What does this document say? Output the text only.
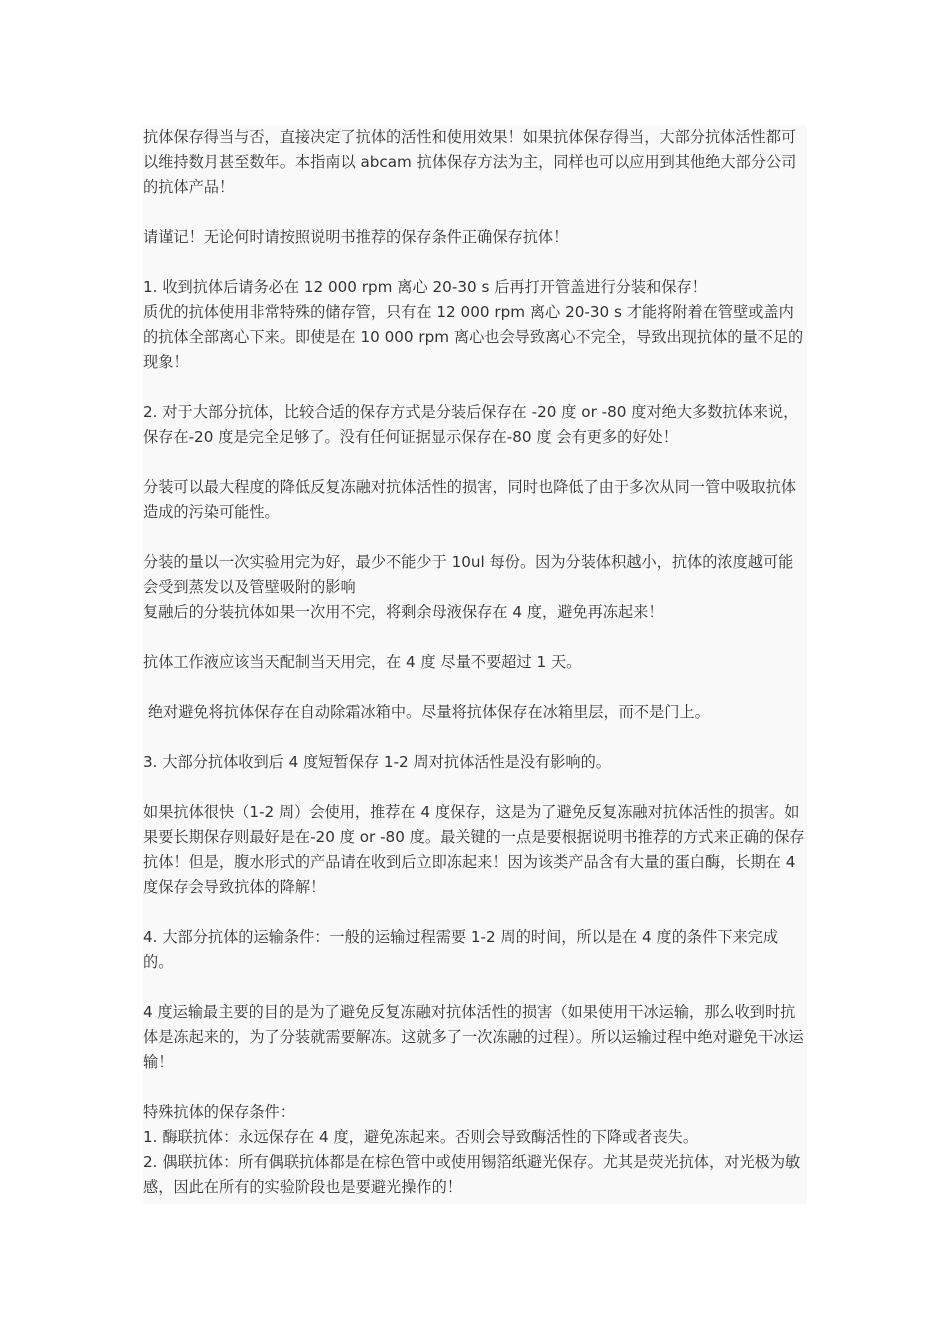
抗体保存得当与否，直接决定了抗体的活性和使用效果！如果抗体保存得当，大部分抗体活性都可以维持数月甚至数年。本指南以 abcam 抗体保存方法为主，同样也可以应用到其他绝大部分公司的抗体产品！

请谨记！无论何时请按照说明书推荐的保存条件正确保存抗体！

1. 收到抗体后请务必在 12 000 rpm 离心 20-30 s 后再打开管盖进行分装和保存！
质优的抗体使用非常特殊的储存管，只有在 12 000 rpm 离心 20-30 s 才能将附着在管壁或盖内的抗体全部离心下来。即使是在 10 000 rpm 离心也会导致离心不完全，导致出现抗体的量不足的现象！

2. 对于大部分抗体，比较合适的保存方式是分装后保存在 -20 度 or -80 度对绝大多数抗体来说，保存在-20 度是完全足够了。没有任何证据显示保存在-80 度 会有更多的好处！

分装可以最大程度的降低反复冻融对抗体活性的损害，同时也降低了由于多次从同一管中吸取抗体造成的污染可能性。

分装的量以一次实验用完为好，最少不能少于 10ul 每份。因为分装体积越小，抗体的浓度越可能会受到蒸发以及管壁吸附的影响
复融后的分装抗体如果一次用不完，将剩余母液保存在 4 度，避免再冻起来！

抗体工作液应该当天配制当天用完，在 4 度 尽量不要超过 1 天。

绝对避免将抗体保存在自动除霜冰箱中。尽量将抗体保存在冰箱里层，而不是门上。

3. 大部分抗体收到后 4 度短暂保存 1-2 周对抗体活性是没有影响的。

如果抗体很快（1-2 周）会使用，推荐在 4 度保存，这是为了避免反复冻融对抗体活性的损害。如果要长期保存则最好是在-20 度 or -80 度。最关键的一点是要根据说明书推荐的方式来正确的保存抗体！但是，腹水形式的产品请在收到后立即冻起来！因为该类产品含有大量的蛋白酶，长期在 4 度保存会导致抗体的降解！

4. 大部分抗体的运输条件：一般的运输过程需要 1-2 周的时间，所以是在 4 度的条件下来完成的。

4 度运输最主要的目的是为了避免反复冻融对抗体活性的损害（如果使用干冰运输，那么收到时抗体是冻起来的，为了分装就需要解冻。这就多了一次冻融的过程）。所以运输过程中绝对避免干冰运输！

特殊抗体的保存条件：
1. 酶联抗体：永远保存在 4 度，避免冻起来。否则会导致酶活性的下降或者丧失。
2. 偶联抗体：所有偶联抗体都是在棕色管中或使用锡箔纸避光保存。尤其是荧光抗体，对光极为敏感，因此在所有的实验阶段也是要避光操作的！
